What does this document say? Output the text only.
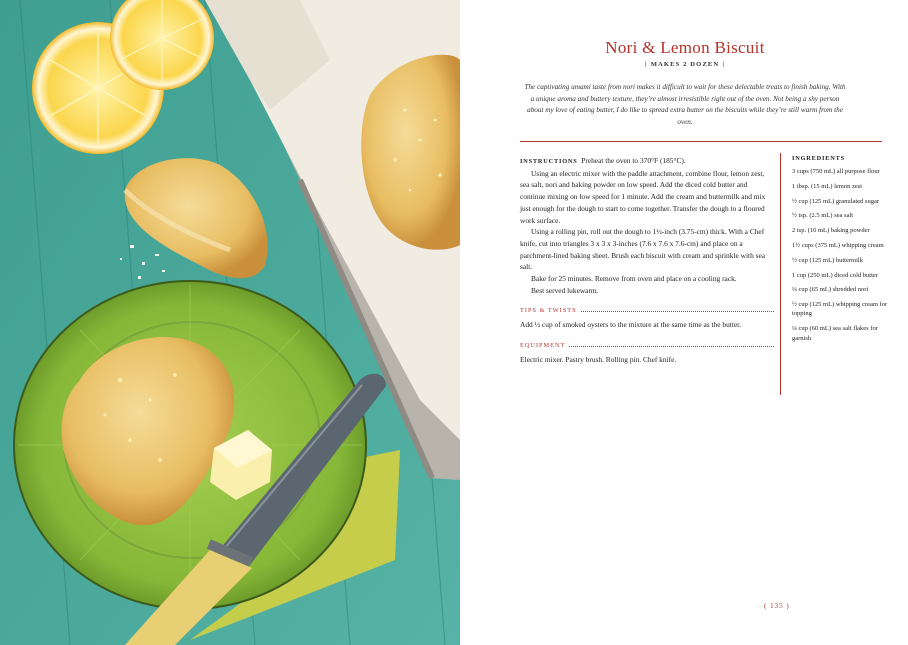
Nori & Lemon Biscuit
[ MAKES 2 DOZEN ]
The captivating umami taste from nori makes it difficult to wait for these delectable treats to finish baking. With a unique aroma and buttery texture, they’re almost irresistible right out of the oven. Not being a shy person about my love of eating butter, I do like to spread extra butter on the biscuits while they’re still warm from the oven.

INSTRUCTIONS Preheat the oven to 370°F (185°C).

Using an electric mixer with the paddle attachment, combine flour, lemon zest, sea salt, nori and baking powder on low speed. Add the diced cold butter and continue mixing on low speed for 1 minute. Add the cream and buttermilk and mix just enough for the dough to start to come together. Transfer the dough to a floured work surface.

Using a rolling pin, roll out the dough to 1½-inch (3.75-cm) thick. With a Chef knife, cut into triangles 3 x 3 x 3-inches (7.6 x 7.6 x 7.6-cm) and place on a parchment-lined baking sheet. Brush each biscuit with cream and sprinkle with sea salt.

Bake for 25 minutes. Remove from oven and place on a cooling rack.

Best served lukewarm.

TIPS & TWISTS
Add ½ cup of smoked oysters to the mixture at the same time as the butter.
EQUIPMENT
Electric mixer. Pastry brush. Rolling pin. Chef knife.
INGREDIENTS
3 cups (750 mL) all purpose flour
1 tbsp. (15 mL) lemon zest
½ cup (125 mL) granulated sugar
½ tsp. (2.5 mL) sea salt
2 tsp. (10 mL) baking powder
1½ cups (375 mL) whipping cream
½ cup (125 mL) buttermilk
1 cup (250 mL) diced cold butter
¼ cup (65 mL) shredded nori
½ cup (125 mL) whipping cream for topping
¼ cup (60 mL) sea salt flakes for garnish
( 135 )
